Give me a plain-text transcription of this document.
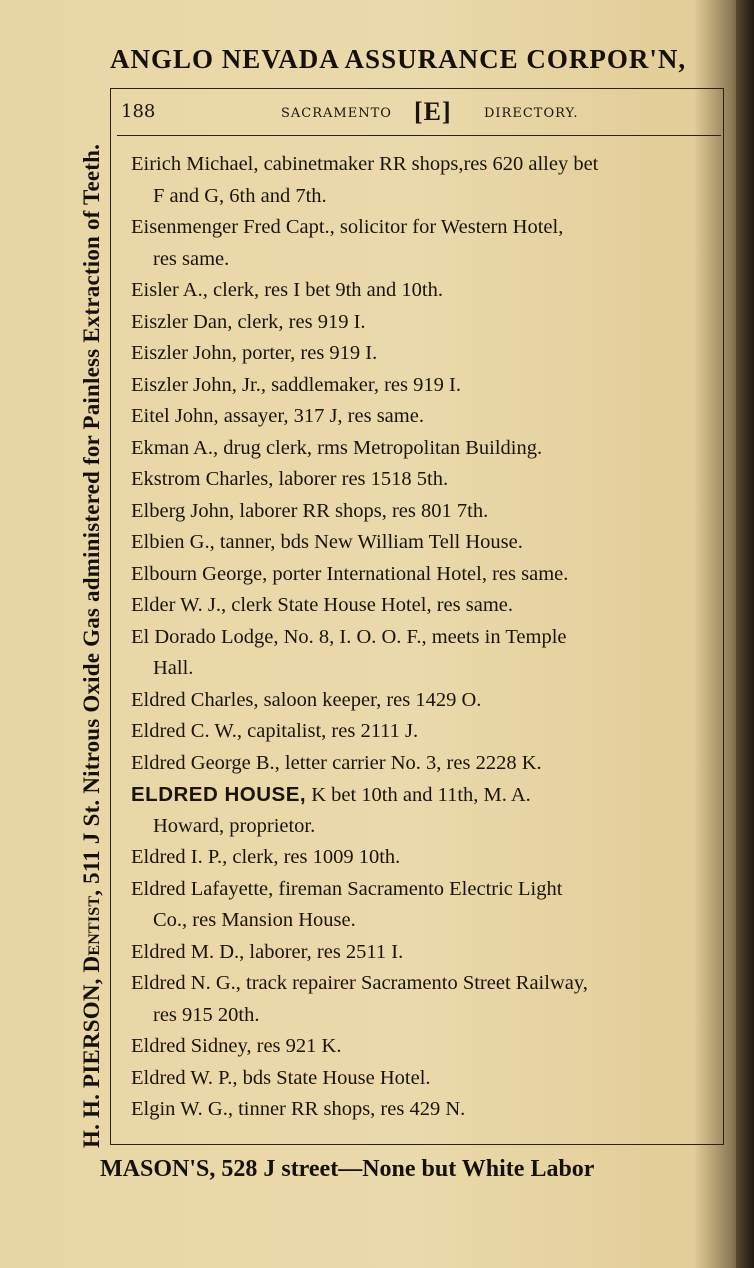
ANGLO NEVADA ASSURANCE CORPOR'N,
H. H. PIERSON, Dentist, 511 J St. Nitrous Oxide Gas administered for Painless Extraction of Teeth.
188	SACRAMENTO [E] DIRECTORY.
Eirich Michael, cabinetmaker RR shops,res 620 alley bet
F and G, 6th and 7th.
Eisenmenger Fred Capt., solicitor for Western Hotel,
res same.
Eisler A., clerk, res I bet 9th and 10th.
Eiszler Dan, clerk, res 919 I.
Eiszler John, porter, res 919 I.
Eiszler John, Jr., saddlemaker, res 919 I.
Eitel John, assayer, 317 J, res same.
Ekman A., drug clerk, rms Metropolitan Building.
Ekstrom Charles, laborer res 1518 5th.
Elberg John, laborer RR shops, res 801 7th.
Elbien G., tanner, bds New William Tell House.
Elbourn George, porter International Hotel, res same.
Elder W. J., clerk State House Hotel, res same.
El Dorado Lodge, No. 8, I. O. O. F., meets in Temple
Hall.
Eldred Charles, saloon keeper, res 1429 O.
Eldred C. W., capitalist, res 2111 J.
Eldred George B., letter carrier No. 3, res 2228 K.
ELDRED HOUSE, K bet 10th and 11th, M. A.
Howard, proprietor.
Eldred I. P., clerk, res 1009 10th.
Eldred Lafayette, fireman Sacramento Electric Light
Co., res Mansion House.
Eldred M. D., laborer, res 2511 I.
Eldred N. G., track repairer Sacramento Street Railway,
res 915 20th.
Eldred Sidney, res 921 K.
Eldred W. P., bds State House Hotel.
Elgin W. G., tinner RR shops, res 429 N.
MASON'S, 528 J street—None but White Labor
